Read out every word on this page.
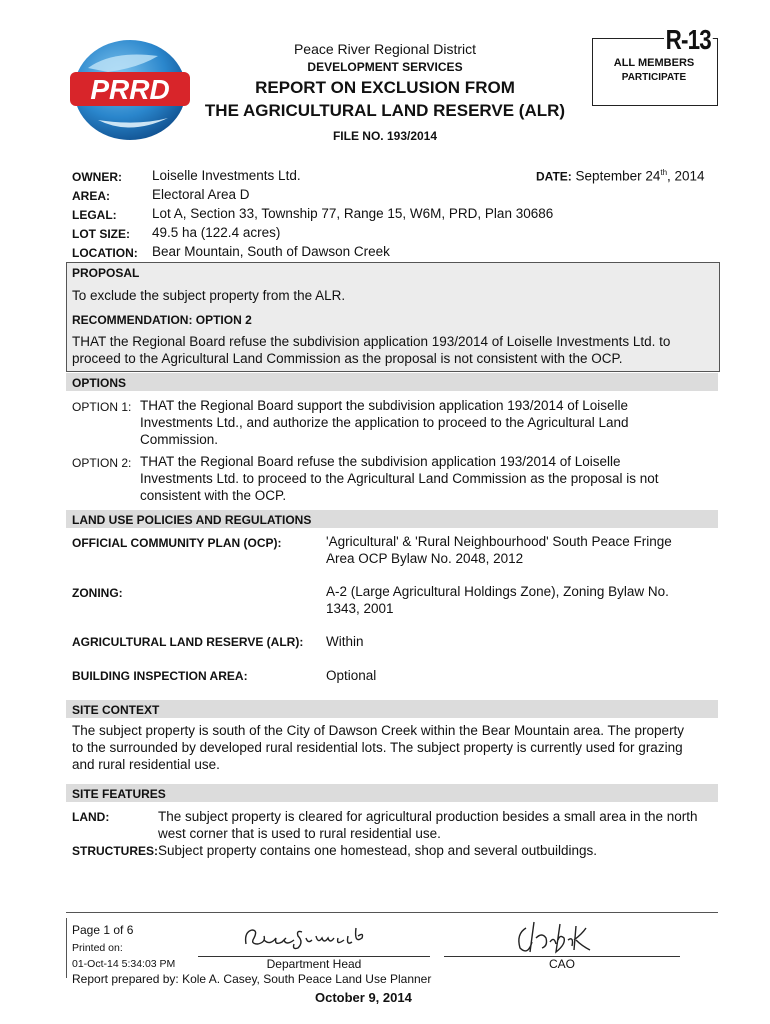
PRRD
Peace River Regional District
DEVELOPMENT SERVICES
REPORT ON EXCLUSION FROM
THE AGRICULTURAL LAND RESERVE (ALR)
FILE NO. 193/2014
R-13
ALL MEMBERS
PARTICIPATE
OWNER: Loiselle Investments Ltd.
AREA:	Electoral Area D
LEGAL:	Lot A, Section 33, Township 77, Range 15, W6M, PRD, Plan 30686
LOT SIZE: 49.5 ha (122.4 acres)
LOCATION: Bear Mountain, South of Dawson Creek
DATE: September 24th, 2014
PROPOSAL
To exclude the subject property from the ALR.
RECOMMENDATION: OPTION 2
THAT the Regional Board refuse the subdivision application 193/2014 of Loiselle Investments Ltd. to
proceed to the Agricultural Land Commission as the proposal is not consistent with the OCP.
OPTIONS
OPTION 1: THAT the Regional Board support the subdivision application 193/2014 of Loiselle
Investments Ltd., and authorize the application to proceed to the Agricultural Land
Commission.
OPTION 2: THAT the Regional Board refuse the subdivision application 193/2014 of Loiselle
Investments Ltd. to proceed to the Agricultural Land Commission as the proposal is not
consistent with the OCP.
LAND USE POLICIES AND REGULATIONS
OFFICIAL COMMUNITY PLAN (OCP):	'Agricultural' & 'Rural Neighbourhood' South Peace Fringe
Area OCP Bylaw No. 2048, 2012
ZONING:	A-2 (Large Agricultural Holdings Zone), Zoning Bylaw No.
1343, 2001
AGRICULTURAL LAND RESERVE (ALR): Within
BUILDING INSPECTION AREA:	Optional
SITE CONTEXT
The subject property is south of the City of Dawson Creek within the Bear Mountain area. The property
to the surrounded by developed rural residential lots. The subject property is currently used for grazing
and rural residential use.
SITE FEATURES
LAND:	The subject property is cleared for agricultural production besides a small area in the north
west corner that is used to rural residential use.
STRUCTURES: Subject property contains one homestead, shop and several outbuildings.
Page 1 of 6
Printed on:
01-Oct-14 5:34:03 PM	Department Head	CAO
Report prepared by: Kole A. Casey, South Peace Land Use Planner
October 9, 2014
